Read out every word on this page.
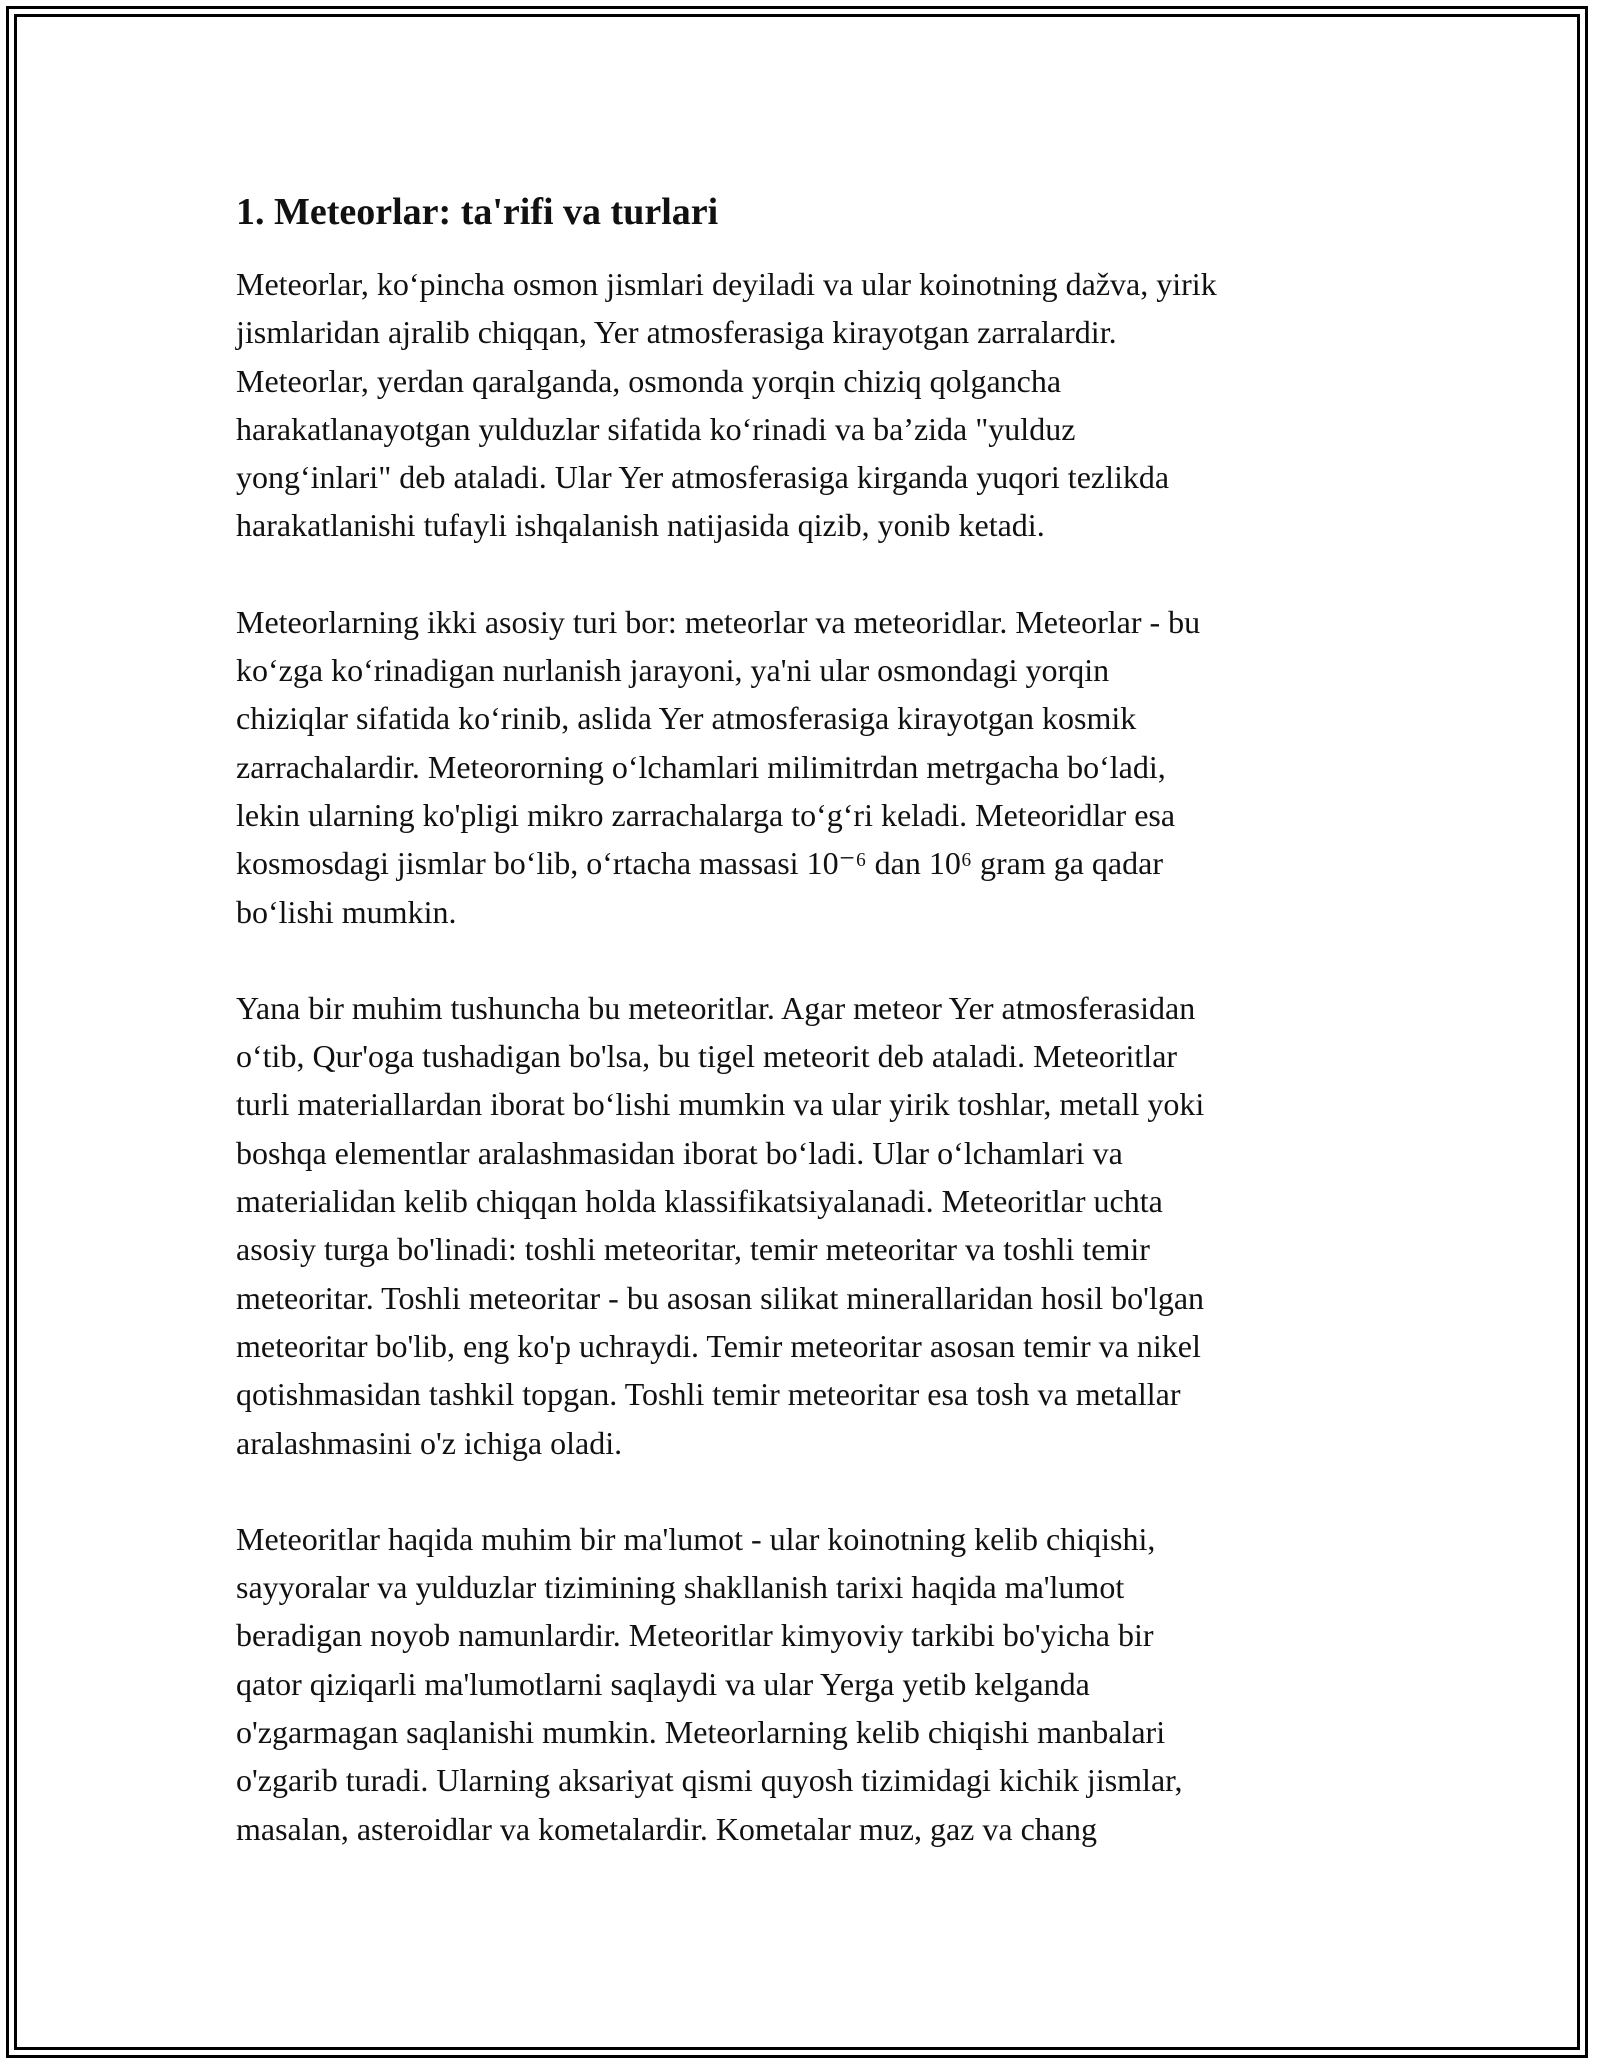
1. Meteorlar: ta'rifi va turlari

Meteorlar, ko‘pincha osmon jismlari deyiladi va ular koinotning dažva, yirik
jismlaridan ajralib chiqqan, Yer atmosferasiga kirayotgan zarralardir.
Meteorlar, yerdan qaralganda, osmonda yorqin chiziq qolgancha
harakatlanayotgan yulduzlar sifatida ko‘rinadi va ba’zida "yulduz
yong‘inlari" deb ataladi. Ular Yer atmosferasiga kirganda yuqori tezlikda
harakatlanishi tufayli ishqalanish natijasida qizib, yonib ketadi.

Meteorlarning ikki asosiy turi bor: meteorlar va meteoridlar. Meteorlar - bu
ko‘zga ko‘rinadigan nurlanish jarayoni, ya'ni ular osmondagi yorqin
chiziqlar sifatida ko‘rinib, aslida Yer atmosferasiga kirayotgan kosmik
zarrachalardir. Meteororning o‘lchamlari milimitrdan metrgacha bo‘ladi,
lekin ularning ko'pligi mikro zarrachalarga to‘g‘ri keladi. Meteoridlar esa
kosmosdagi jismlar bo‘lib, o‘rtacha massasi 10⁻⁶ dan 10⁶ gram ga qadar
bo‘lishi mumkin.

Yana bir muhim tushuncha bu meteoritlar. Agar meteor Yer atmosferasidan
o‘tib, Qur'oga tushadigan bo'lsa, bu tigel meteorit deb ataladi. Meteoritlar
turli materiallardan iborat bo‘lishi mumkin va ular yirik toshlar, metall yoki
boshqa elementlar aralashmasidan iborat bo‘ladi. Ular o‘lchamlari va
materialidan kelib chiqqan holda klassifikatsiyalanadi. Meteoritlar uchta
asosiy turga bo'linadi: toshli meteoritar, temir meteoritar va toshli temir
meteoritar. Toshli meteoritar - bu asosan silikat minerallaridan hosil bo'lgan
meteoritar bo'lib, eng ko'p uchraydi. Temir meteoritar asosan temir va nikel
qotishmasidan tashkil topgan. Toshli temir meteoritar esa tosh va metallar
aralashmasini o'z ichiga oladi.

Meteoritlar haqida muhim bir ma'lumot - ular koinotning kelib chiqishi,
sayyoralar va yulduzlar tizimining shakllanish tarixi haqida ma'lumot
beradigan noyob namunlardir. Meteoritlar kimyoviy tarkibi bo'yicha bir
qator qiziqarli ma'lumotlarni saqlaydi va ular Yerga yetib kelganda
o'zgarmagan saqlanishi mumkin. Meteorlarning kelib chiqishi manbalari
o'zgarib turadi. Ularning aksariyat qismi quyosh tizimidagi kichik jismlar,
masalan, asteroidlar va kometalardir. Kometalar muz, gaz va chang
